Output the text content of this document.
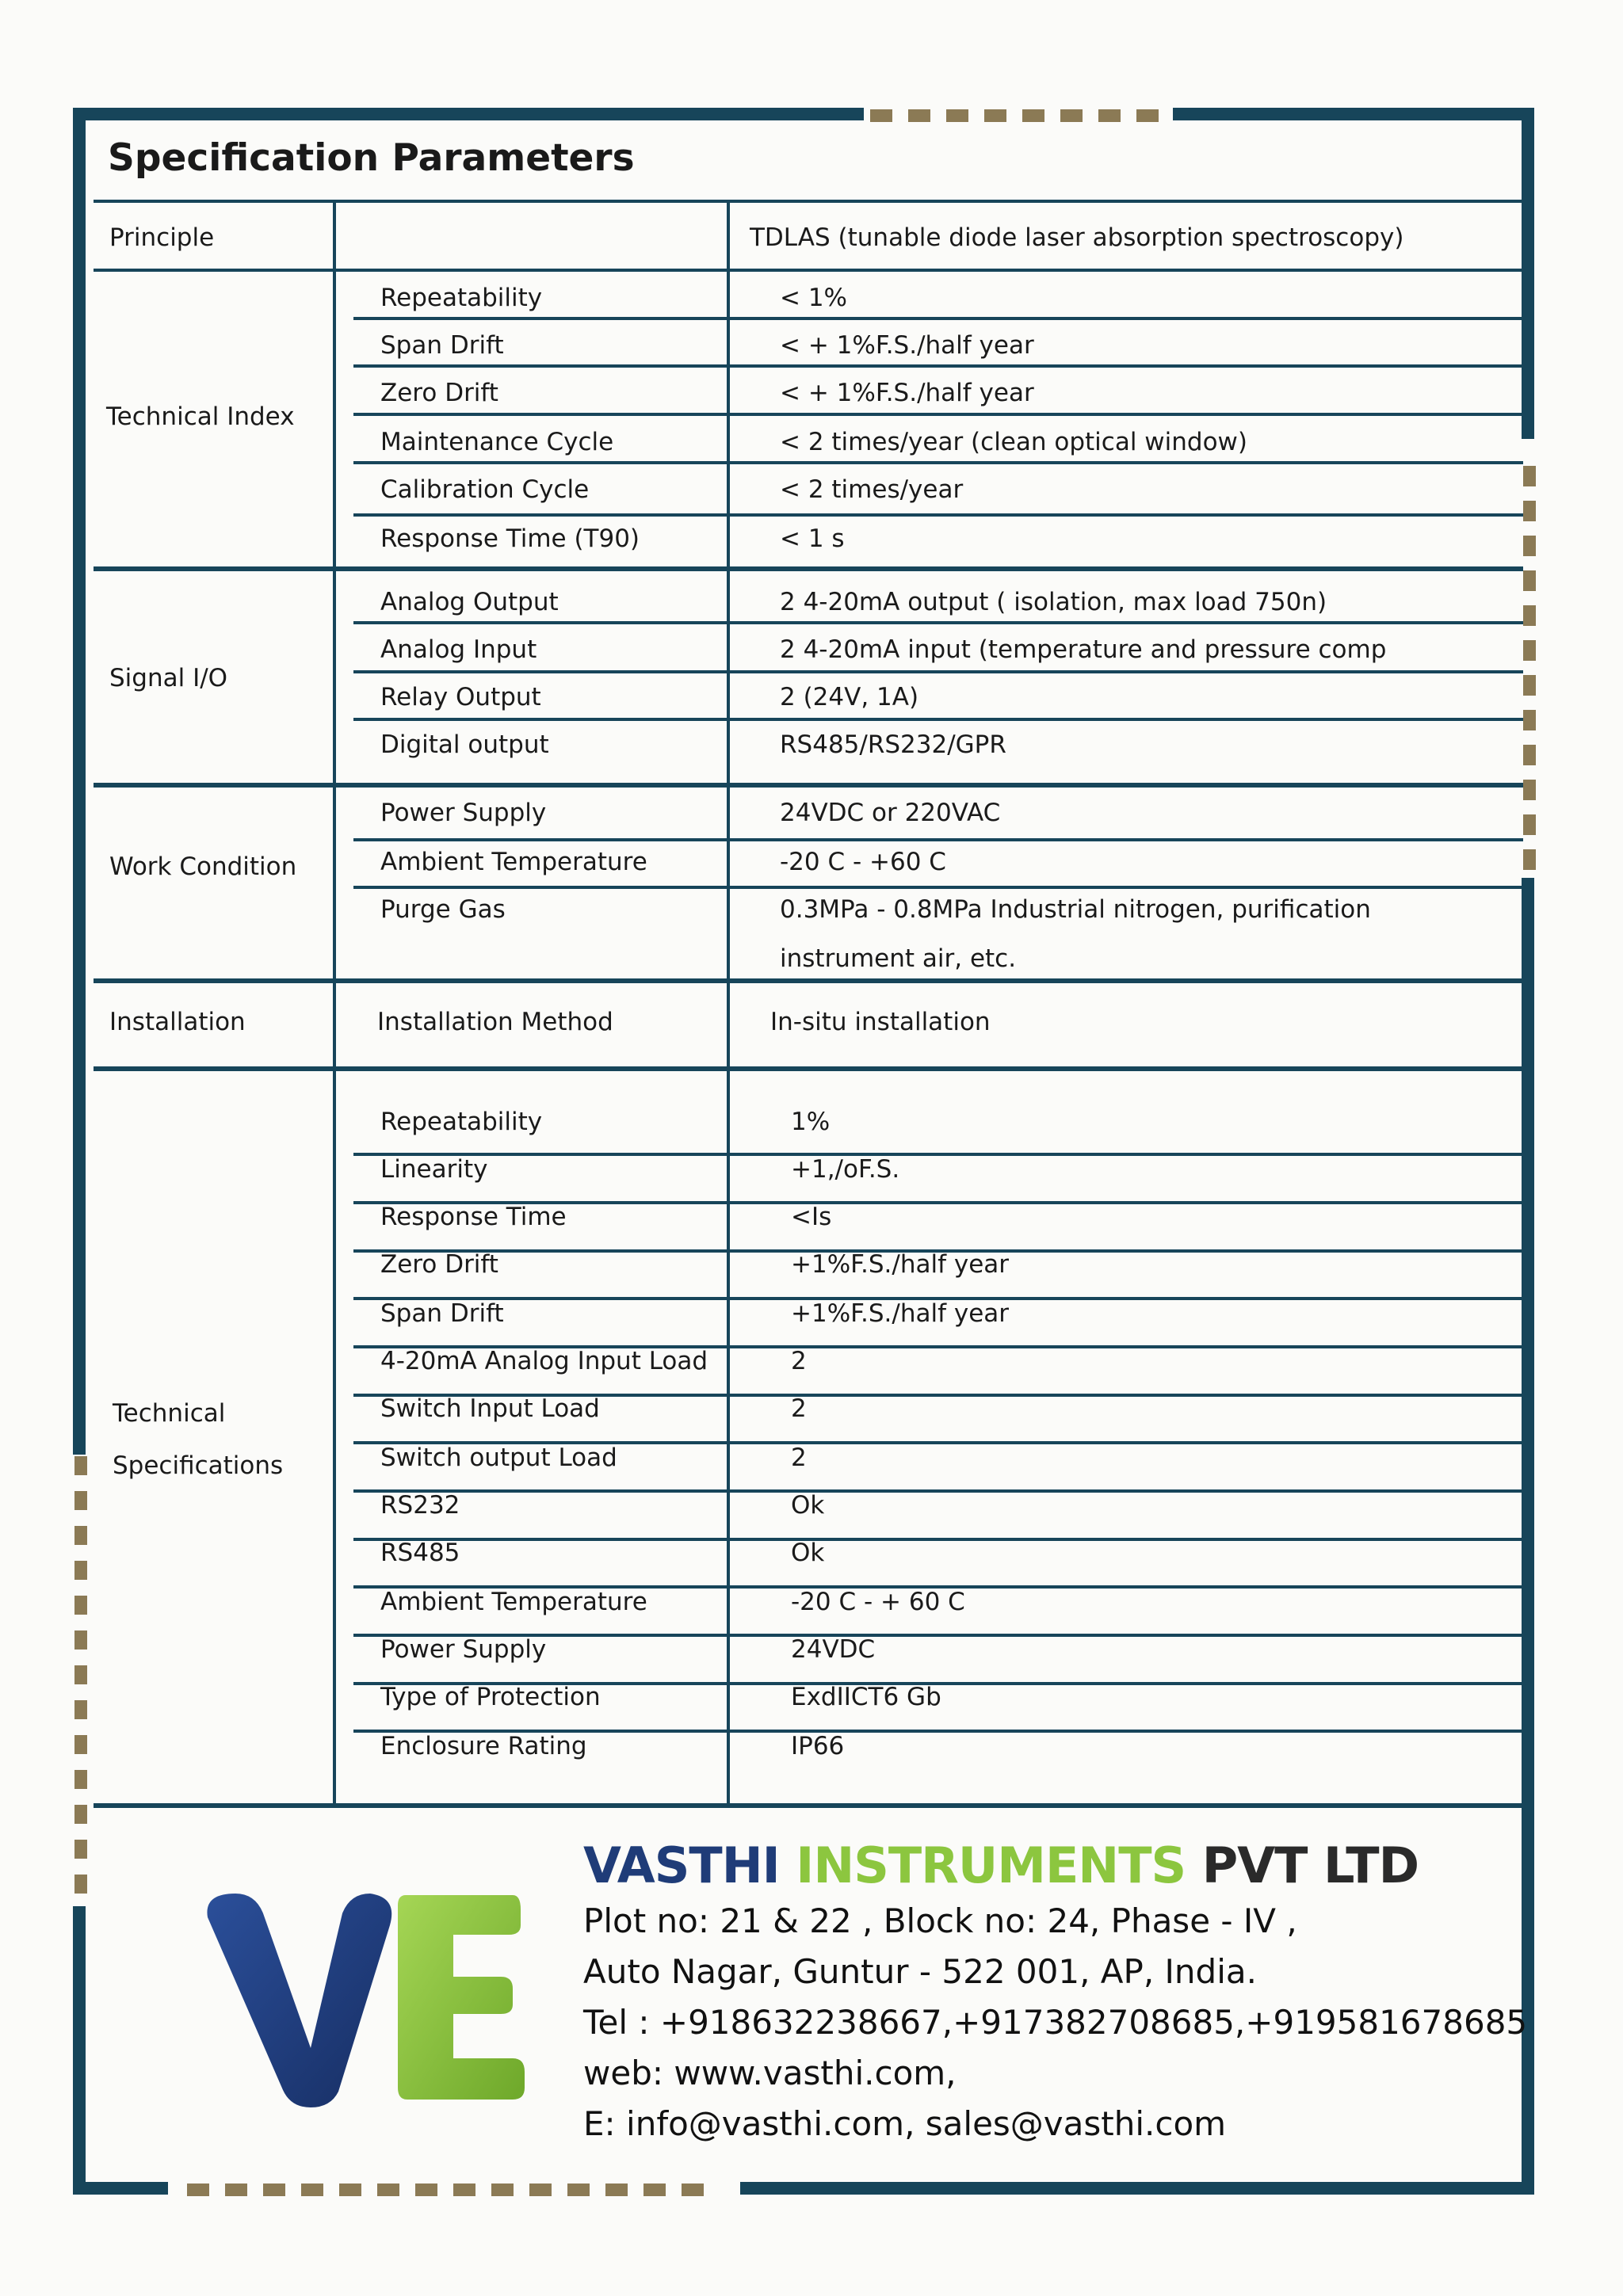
Specification Parameters
Principle	TDLAS (tunable diode laser absorption spectroscopy)
Technical Index
Repeatability	< 1%
Span Drift	< + 1%F.S./half year
Zero Drift	< + 1%F.S./half year
Maintenance Cycle	< 2 times/year (clean optical window)
Calibration Cycle	< 2 times/year
Response Time (T90)	< 1 s
Signal I/O
Analog Output	2 4-20mA output ( isolation, max load 750n)
Analog Input	2 4-20mA input (temperature and pressure comp
Relay Output	2 (24V, 1A)
Digital output	RS485/RS232/GPR
Work Condition
Power Supply	24VDC or 220VAC
Ambient Temperature	-20 C - +60 C
Purge Gas	0.3MPa - 0.8MPa Industrial nitrogen, purification
instrument air, etc.
Installation	Installation Method	In-situ installation
Technical
Specifications
Repeatability	1%
Linearity	+1,/oF.S.
Response Time	<Is
Zero Drift	+1%F.S./half year
Span Drift	+1%F.S./half year
4-20mA Analog Input Load	2
Switch Input Load	2
Switch output Load	2
RS232	Ok
RS485	Ok
Ambient Temperature	-20 C - + 60 C
Power Supply	24VDC
Type of Protection	ExdIICT6 Gb
Enclosure Rating	IP66
VASTHI INSTRUMENTS PVT LTD
Plot no: 21 & 22 , Block no: 24, Phase - IV ,
Auto Nagar, Guntur - 522 001, AP, India.
Tel : +918632238667,+917382708685,+919581678685
web: www.vasthi.com,
E: info@vasthi.com, sales@vasthi.com
